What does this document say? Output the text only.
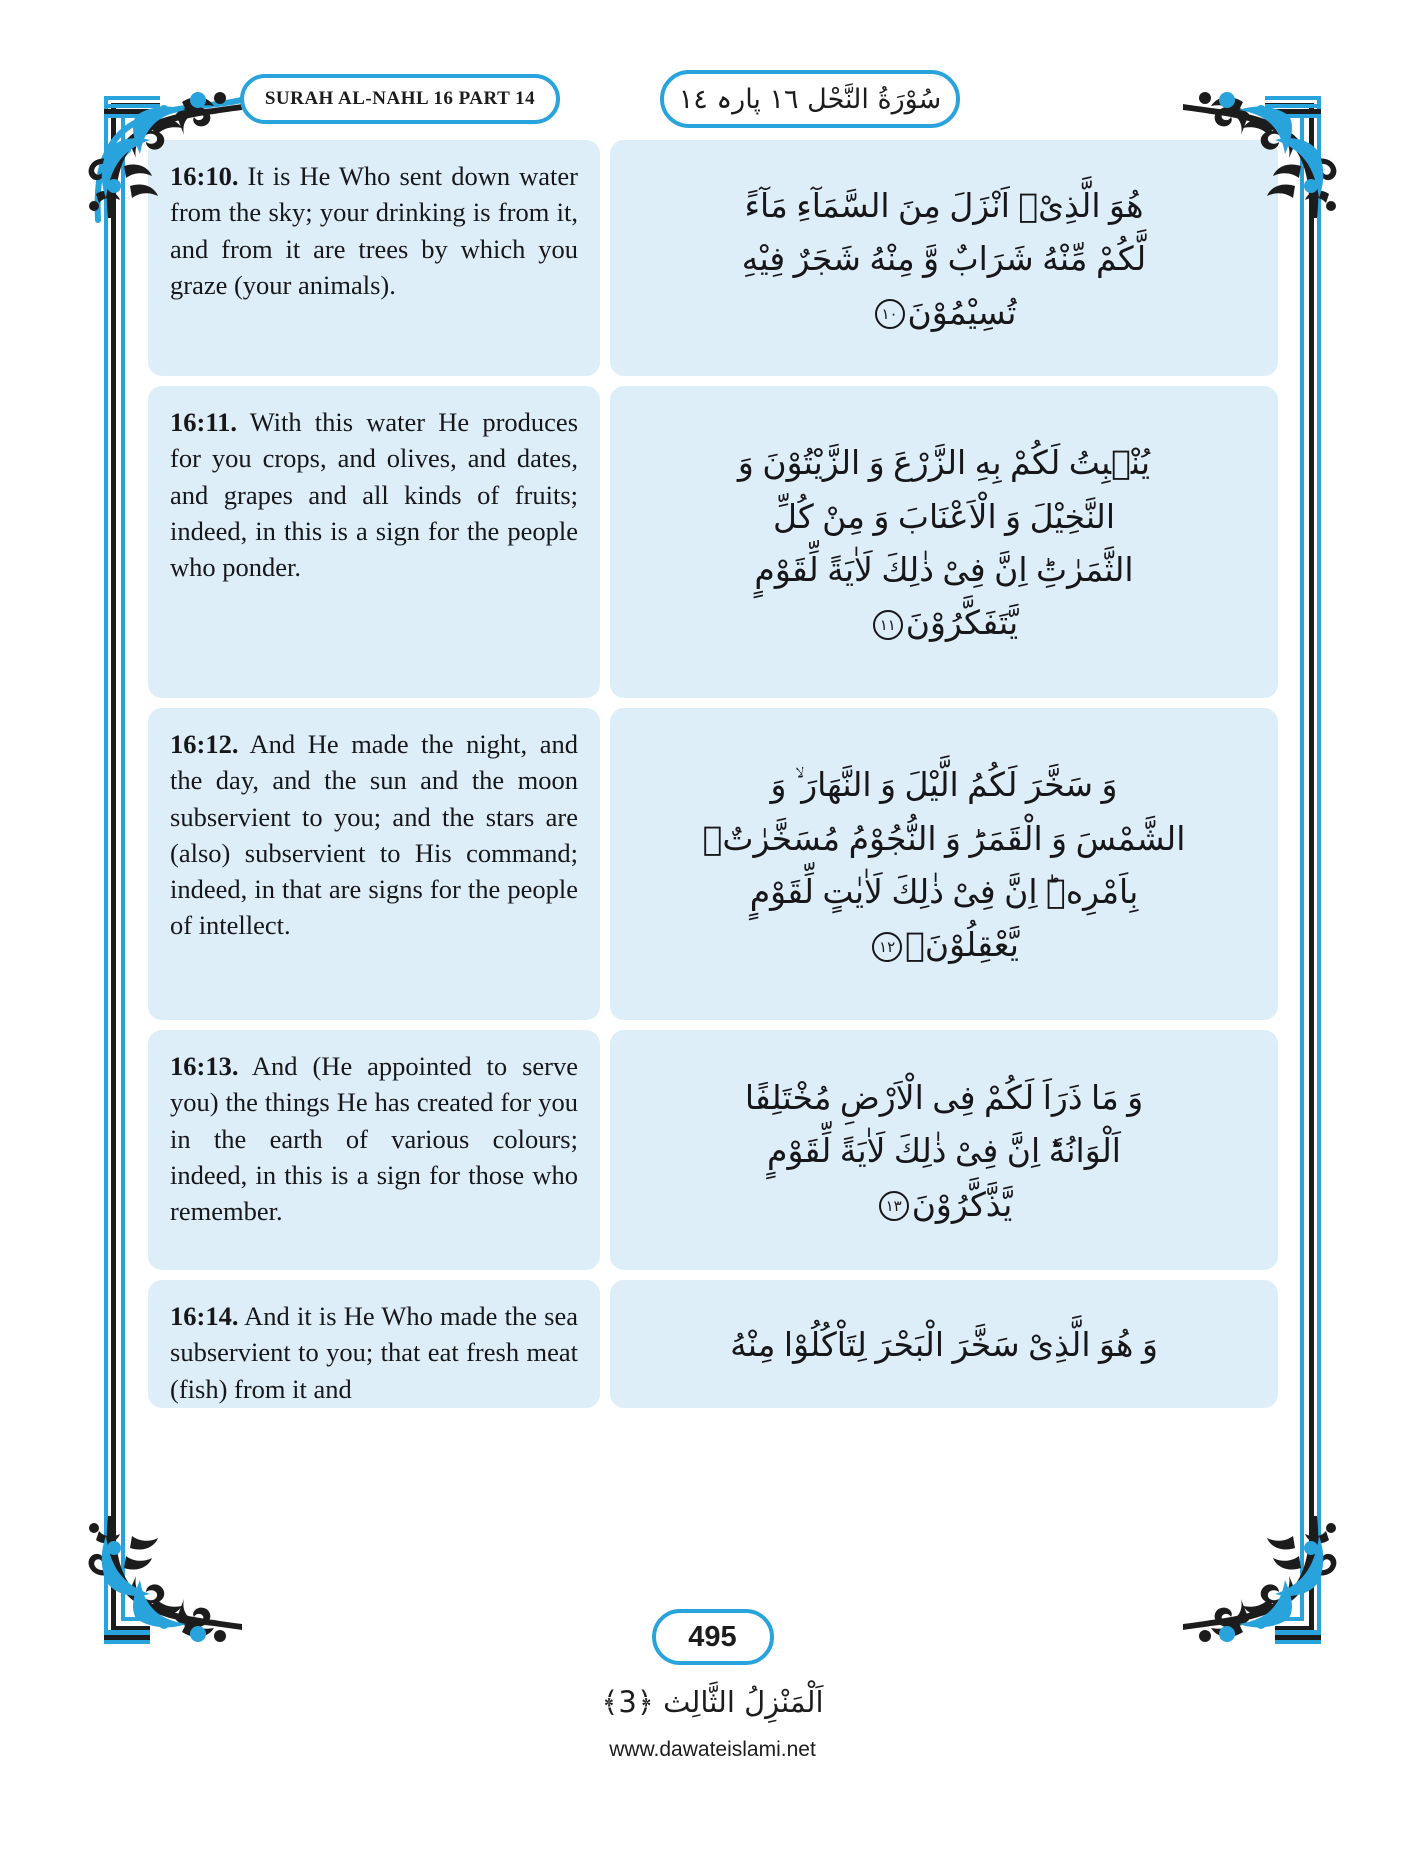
SURAH AL-NAHL 16 PART 14	سُوْرَةُ النَّحْل ١٦ پارہ ١٤
16:10. It is He Who sent down water from the sky; your drinking is from it, and from it are trees by which you graze (your animals).
هُوَ الَّذِیْۤ اَنْزَلَ مِنَ السَّمَآءِ مَآءً
لَّكُمْ مِّنْهُ شَرَابٌ وَّ مِنْهُ شَجَرٌ فِیْهِ
تُسِیْمُوْنَ١٠
16:11. With this water He produces for you crops, and olives, and dates, and grapes and all kinds of fruits; indeed, in this is a sign for the people who ponder.
یُنْۢبِتُ لَكُمْ بِهِ الزَّرْعَ وَ الزَّیْتُوْنَ وَ
النَّخِیْلَ وَ الْاَعْنَابَ وَ مِنْ كُلِّ
الثَّمَرٰتِؕ اِنَّ فِیْ ذٰلِكَ لَاٰیَةً لِّقَوْمٍ
یَّتَفَكَّرُوْنَ١١
16:12. And He made the night, and the day, and the sun and the moon subservient to you; and the stars are (also) subservient to His command; indeed, in that are signs for the people of intellect.
وَ سَخَّرَ لَكُمُ الَّیْلَ وَ النَّهَارَ ۙ وَ
الشَّمْسَ وَ الْقَمَرَؕ وَ النُّجُوْمُ مُسَخَّرٰتٌۢ
بِاَمْرِهٖؕ اِنَّ فِیْ ذٰلِكَ لَاٰیٰتٍ لِّقَوْمٍ
یَّعْقِلُوْنَۙ١٢
16:13. And (He appointed to serve you) the things He has created for you in the earth of various colours; indeed, in this is a sign for those who remember.
وَ مَا ذَرَاَ لَكُمْ فِی الْاَرْضِ مُخْتَلِفًا
اَلْوَانُهٗؕ اِنَّ فِیْ ذٰلِكَ لَاٰیَةً لِّقَوْمٍ
یَّذَّكَّرُوْنَ١٣
16:14. And it is He Who made the sea subservient to you; that eat fresh meat (fish) from it and
وَ هُوَ الَّذِیْ سَخَّرَ الْبَحْرَ لِتَاْكُلُوْا مِنْهُ
495
اَلْمَنْزِلُ الثَّالِث ﴿3﴾
www.dawateislami.net
